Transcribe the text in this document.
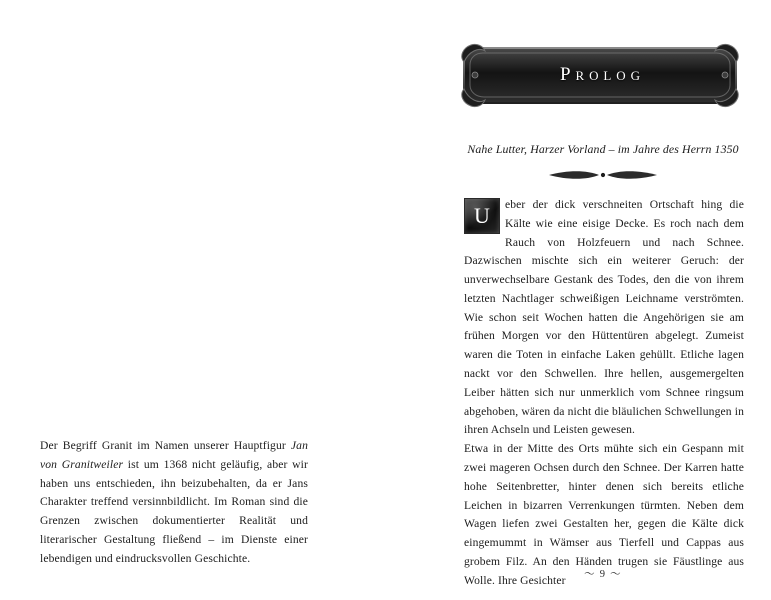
Der Begriff Granit im Namen unserer Hauptfigur Jan von Granitweiler ist um 1368 nicht geläufig, aber wir haben uns entschieden, ihn beizubehalten, da er Jans Charakter treffend versinnbildlicht. Im Roman sind die Grenzen zwischen dokumentierter Realität und literarischer Gestaltung fließend – im Dienste einer lebendigen und eindrucksvollen Geschichte.
Prolog
Nahe Lutter, Harzer Vorland – im Jahre des Herrn 1350
U	eber der dick verschneiten Ortschaft hing die Kälte wie eine eisige Decke. Es roch nach dem Rauch von Holzfeuern und nach Schnee. Dazwischen mischte sich ein weiterer Geruch: der unverwechselbare Gestank des Todes, den die von ihrem letzten Nachtlager schweißigen Leichname verströmten. Wie schon seit Wochen hatten die Angehörigen sie am frühen Morgen vor den Hüttentüren abgelegt. Zumeist waren die Toten in einfache Laken gehüllt. Etliche lagen nackt vor den Schwellen. Ihre hellen, ausgemergelten Leiber hätten sich nur unmerklich vom Schnee ringsum abgehoben, wären da nicht die bläulichen Schwellungen in ihren Achseln und Leisten gewesen.

Etwa in der Mitte des Orts mühte sich ein Gespann mit zwei mageren Ochsen durch den Schnee. Der Karren hatte hohe Seitenbretter, hinter denen sich bereits etliche Leichen in bizarren Verrenkungen türmten. Neben dem Wagen liefen zwei Gestalten her, gegen die Kälte dick eingemummt in Wämser aus Tierfell und Cappas aus grobem Filz. An den Händen trugen sie Fäustlinge aus Wolle. Ihre Gesichter	～ 9 ～
